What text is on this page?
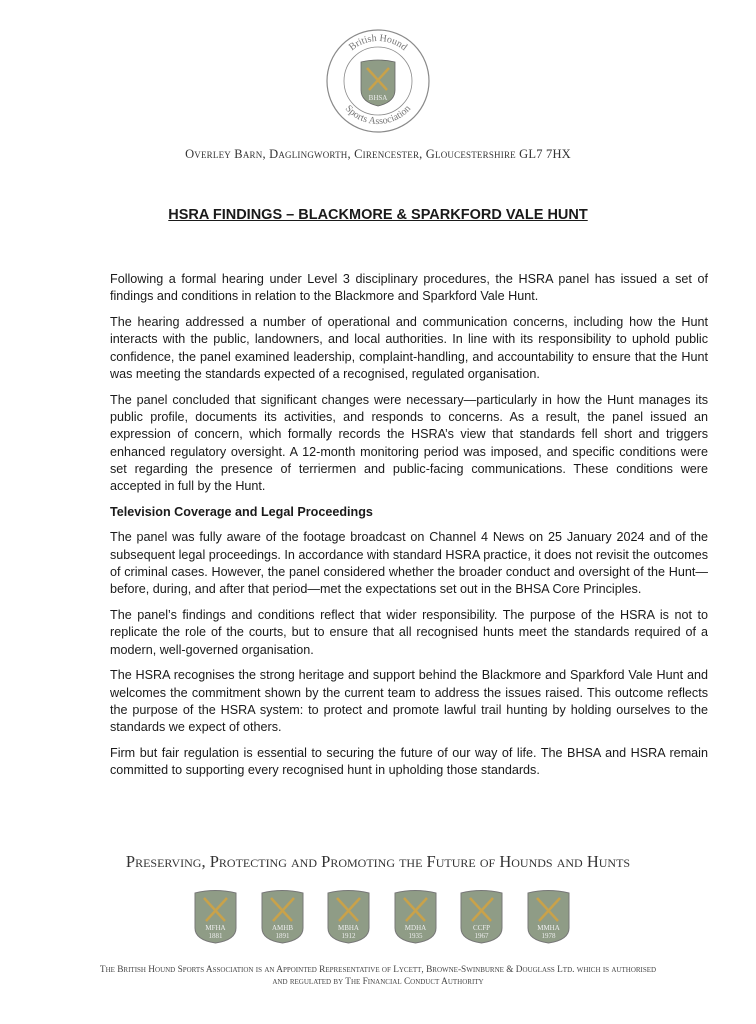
British Hound
Sports Association
BHSA
Overley Barn, Daglingworth, Cirencester, Gloucestershire GL7 7HX
HSRA FINDINGS – BLACKMORE & SPARKFORD VALE HUNT

Following a formal hearing under Level 3 disciplinary procedures, the HSRA panel has issued a set of findings and conditions in relation to the Blackmore and Sparkford Vale Hunt.

The hearing addressed a number of operational and communication concerns, including how the Hunt interacts with the public, landowners, and local authorities. In line with its responsibility to uphold public confidence, the panel examined leadership, complaint-handling, and accountability to ensure that the Hunt was meeting the standards expected of a recognised, regulated organisation.

The panel concluded that significant changes were necessary—particularly in how the Hunt manages its public profile, documents its activities, and responds to concerns. As a result, the panel issued an expression of concern, which formally records the HSRA’s view that standards fell short and triggers enhanced regulatory oversight. A 12-month monitoring period was imposed, and specific conditions were set regarding the presence of terriermen and public-facing communications. These conditions were accepted in full by the Hunt.

Television Coverage and Legal Proceedings

The panel was fully aware of the footage broadcast on Channel 4 News on 25 January 2024 and of the subsequent legal proceedings. In accordance with standard HSRA practice, it does not revisit the outcomes of criminal cases. However, the panel considered whether the broader conduct and oversight of the Hunt—before, during, and after that period—met the expectations set out in the BHSA Core Principles.

The panel’s findings and conditions reflect that wider responsibility. The purpose of the HSRA is not to replicate the role of the courts, but to ensure that all recognised hunts meet the standards required of a modern, well-governed organisation.

The HSRA recognises the strong heritage and support behind the Blackmore and Sparkford Vale Hunt and welcomes the commitment shown by the current team to address the issues raised. This outcome reflects the purpose of the HSRA system: to protect and promote lawful trail hunting by holding ourselves to the standards we expect of others.

Firm but fair regulation is essential to securing the future of our way of life. The BHSA and HSRA remain committed to supporting every recognised hunt in upholding those standards.

Preserving, Protecting and Promoting the Future of Hounds and Hunts
MFHA
1881
AMHB
1891
MBHA
1912
MDHA
1935
CCFP
1967
MMHA
1978
The British Hound Sports Association is an Appointed Representative of Lycett, Browne-Swinburne & Douglass Ltd. which is authorised
and regulated by The Financial Conduct Authority
